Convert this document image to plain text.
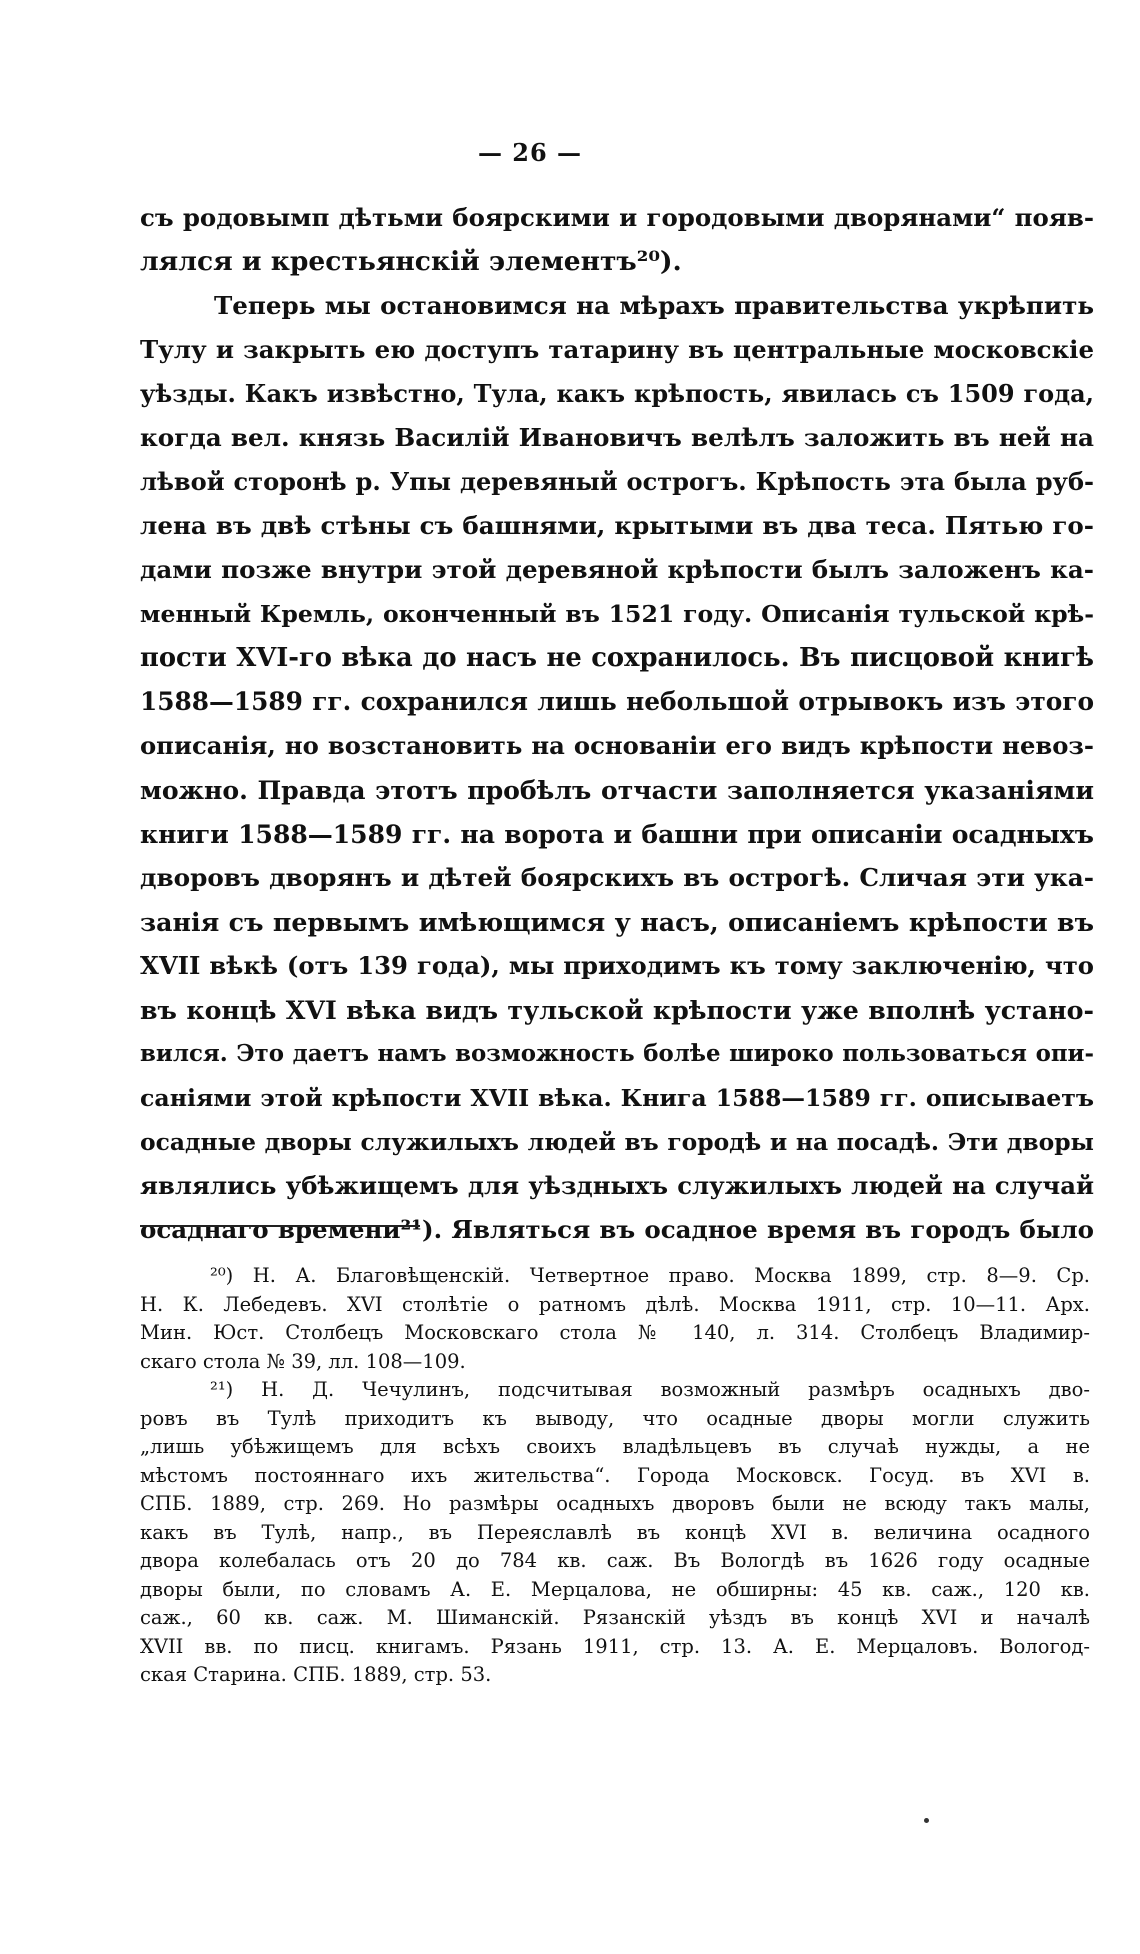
— 26 —
съ родовымп дѣтьми боярскими и городовыми дворянами“ появ-
лялся и крестьянскій элементъ²⁰).
Теперь мы остановимся на мѣрахъ правительства укрѣпить
Тулу и закрыть ею доступъ татарину въ центральные московскіе
уѣзды. Какъ извѣстно, Тула, какъ крѣпость, явилась съ 1509 года,
когда вел. князь Василій Ивановичъ велѣлъ заложить въ ней на
лѣвой сторонѣ р. Упы деревяный острогъ. Крѣпость эта была руб-
лена въ двѣ стѣны съ башнями, крытыми въ два теса. Пятью го-
дами позже внутри этой деревяной крѣпости былъ заложенъ ка-
менный Кремль, оконченный въ 1521 году. Описанія тульской крѣ-
пости XVI-го вѣка до насъ не сохранилось. Въ писцовой книгѣ
1588—1589 гг. сохранился лишь небольшой отрывокъ изъ этого
описанія, но возстановить на основаніи его видъ крѣпости невоз-
можно. Правда этотъ пробѣлъ отчасти заполняется указаніями
книги 1588—1589 гг. на ворота и башни при описаніи осадныхъ
дворовъ дворянъ и дѣтей боярскихъ въ острогѣ. Сличая эти ука-
занія съ первымъ имѣющимся у насъ, описаніемъ крѣпости въ
XVII вѣкѣ (отъ 139 года), мы приходимъ къ тому заключенію, что
въ концѣ XVI вѣка видъ тульской крѣпости уже вполнѣ устано-
вился. Это даетъ намъ возможность болѣе широко пользоваться опи-
саніями этой крѣпости XVII вѣка. Книга 1588—1589 гг. описываетъ
осадные дворы служилыхъ людей въ городѣ и на посадѣ. Эти дворы
являлись убѣжищемъ для уѣздныхъ служилыхъ людей на случай
осаднаго времени²¹). Являться въ осадное время въ городъ было
²⁰) Н. А. Благовѣщенскій. Четвертное право. Москва 1899, стр. 8—9. Ср.
Н. К. Лебедевъ. XVI столѣтіе о ратномъ дѣлѣ. Москва 1911, стр. 10—11. Арх.
Мин. Юст. Столбецъ Московскаго стола № 140, л. 314. Столбецъ Владимир-
скаго стола № 39, лл. 108—109.
²¹) Н. Д. Чечулинъ, подсчитывая возможный размѣръ осадныхъ дво-
ровъ въ Тулѣ приходитъ къ выводу, что осадные дворы могли служить
„лишь убѣжищемъ для всѣхъ своихъ владѣльцевъ въ случаѣ нужды, а не
мѣстомъ постояннаго ихъ жительства“. Города Московск. Госуд. въ XVI в.
СПБ. 1889, стр. 269. Но размѣры осадныхъ дворовъ были не всюду такъ малы,
какъ въ Тулѣ, напр., въ Переяславлѣ въ концѣ XVI в. величина осадного
двора колебалась отъ 20 до 784 кв. саж. Въ Вологдѣ въ 1626 году осадные
дворы были, по словамъ А. Е. Мерцалова, не обширны: 45 кв. саж., 120 кв.
саж., 60 кв. саж. М. Шиманскій. Рязанскій уѣздъ въ концѣ XVI и началѣ
XVII вв. по писц. книгамъ. Рязань 1911, стр. 13. А. Е. Мерцаловъ. Вологод-
ская Старина. СПБ. 1889, стр. 53.
